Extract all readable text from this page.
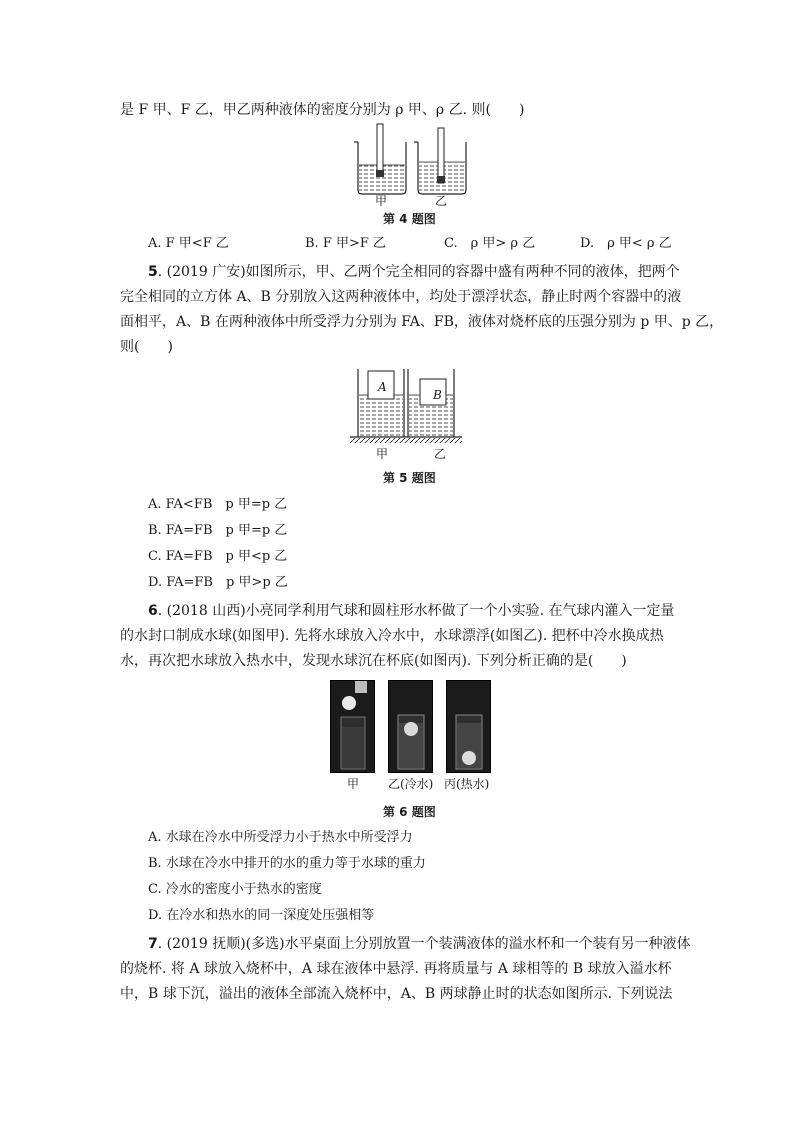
是 F 甲、F 乙，甲乙两种液体的密度分别为 ρ 甲、ρ 乙. 则(　　)
甲	乙
第 4 题图
A. F 甲<F 乙	B. F 甲>F 乙	C.　ρ 甲> ρ 乙	D.　ρ 甲< ρ 乙
5. (2019 广安)如图所示，甲、乙两个完全相同的容器中盛有两种不同的液体，把两个
完全相同的立方体 A、B 分别放入这两种液体中，均处于漂浮状态，静止时两个容器中的液
面相平，A、B 在两种液体中所受浮力分别为 FA、FB，液体对烧杯底的压强分别为 p 甲、p 乙，
则(　　)
A
B
甲	乙
第 5 题图
A. FA<FB　p 甲=p 乙
B. FA=FB　p 甲=p 乙
C. FA=FB　p 甲<p 乙
D. FA=FB　p 甲>p 乙
6. (2018 山西)小亮同学利用气球和圆柱形水杯做了一个小实验. 在气球内灌入一定量
的水封口制成水球(如图甲). 先将水球放入冷水中，水球漂浮(如图乙). 把杯中冷水换成热
水，再次把水球放入热水中，发现水球沉在杯底(如图丙). 下列分析正确的是(　　)
甲 乙(冷水) 丙(热水)
第 6 题图
A. 水球在冷水中所受浮力小于热水中所受浮力
B. 水球在冷水中排开的水的重力等于水球的重力
C. 冷水的密度小于热水的密度
D. 在冷水和热水的同一深度处压强相等
7. (2019 抚顺)(多选)水平桌面上分别放置一个装满液体的溢水杯和一个装有另一种液体
的烧杯. 将 A 球放入烧杯中，A 球在液体中悬浮. 再将质量与 A 球相等的 B 球放入溢水杯
中，B 球下沉，溢出的液体全部流入烧杯中，A、B 两球静止时的状态如图所示. 下列说法
